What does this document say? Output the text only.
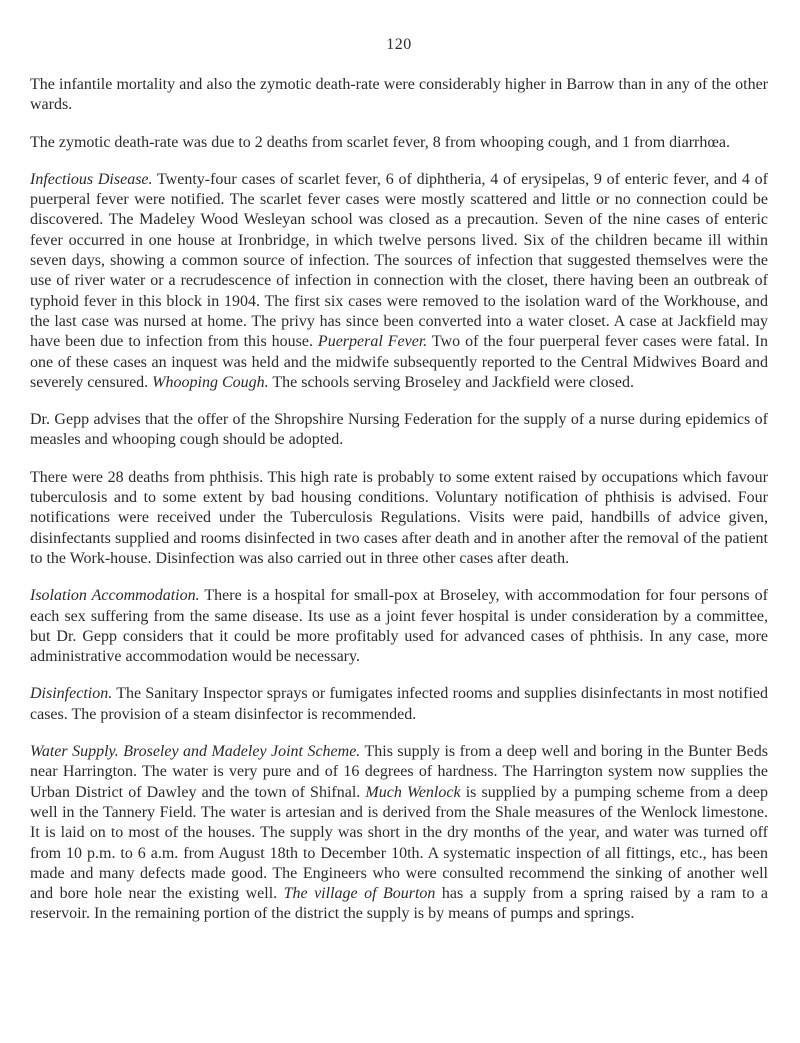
120

The infantile mortality and also the zymotic death-rate were considerably higher in Barrow than in any of the other wards.

The zymotic death-rate was due to 2 deaths from scarlet fever, 8 from whooping cough, and 1 from diarrhœa.

Infectious Disease. Twenty-four cases of scarlet fever, 6 of diphtheria, 4 of erysipelas, 9 of enteric fever, and 4 of puerperal fever were notified. The scarlet fever cases were mostly scattered and little or no connection could be discovered. The Madeley Wood Wesleyan school was closed as a precaution. Seven of the nine cases of enteric fever occurred in one house at Ironbridge, in which twelve persons lived. Six of the children became ill within seven days, showing a common source of infection. The sources of infection that suggested themselves were the use of river water or a recrudescence of infection in connection with the closet, there having been an outbreak of typhoid fever in this block in 1904. The first six cases were removed to the isolation ward of the Workhouse, and the last case was nursed at home. The privy has since been converted into a water closet. A case at Jackfield may have been due to infection from this house. Puerperal Fever. Two of the four puerperal fever cases were fatal. In one of these cases an inquest was held and the midwife subsequently reported to the Central Midwives Board and severely censured. Whooping Cough. The schools serving Broseley and Jackfield were closed.

Dr. Gepp advises that the offer of the Shropshire Nursing Federation for the supply of a nurse during epidemics of measles and whooping cough should be adopted.

There were 28 deaths from phthisis. This high rate is probably to some extent raised by occupations which favour tuberculosis and to some extent by bad housing conditions. Voluntary notification of phthisis is advised. Four notifications were received under the Tuberculosis Regulations. Visits were paid, handbills of advice given, disinfectants supplied and rooms disinfected in two cases after death and in another after the removal of the patient to the Work-house. Disinfection was also carried out in three other cases after death.

Isolation Accommodation. There is a hospital for small-pox at Broseley, with accommodation for four persons of each sex suffering from the same disease. Its use as a joint fever hospital is under consideration by a committee, but Dr. Gepp considers that it could be more profitably used for advanced cases of phthisis. In any case, more administrative accommodation would be necessary.

Disinfection. The Sanitary Inspector sprays or fumigates infected rooms and supplies disinfectants in most notified cases. The provision of a steam disinfector is recommended.

Water Supply. Broseley and Madeley Joint Scheme. This supply is from a deep well and boring in the Bunter Beds near Harrington. The water is very pure and of 16 degrees of hardness. The Harrington system now supplies the Urban District of Dawley and the town of Shifnal. Much Wenlock is supplied by a pumping scheme from a deep well in the Tannery Field. The water is artesian and is derived from the Shale measures of the Wenlock limestone. It is laid on to most of the houses. The supply was short in the dry months of the year, and water was turned off from 10 p.m. to 6 a.m. from August 18th to December 10th. A systematic inspection of all fittings, etc., has been made and many defects made good. The Engineers who were consulted recommend the sinking of another well and bore hole near the existing well. The village of Bourton has a supply from a spring raised by a ram to a reservoir. In the remaining portion of the district the supply is by means of pumps and springs.
